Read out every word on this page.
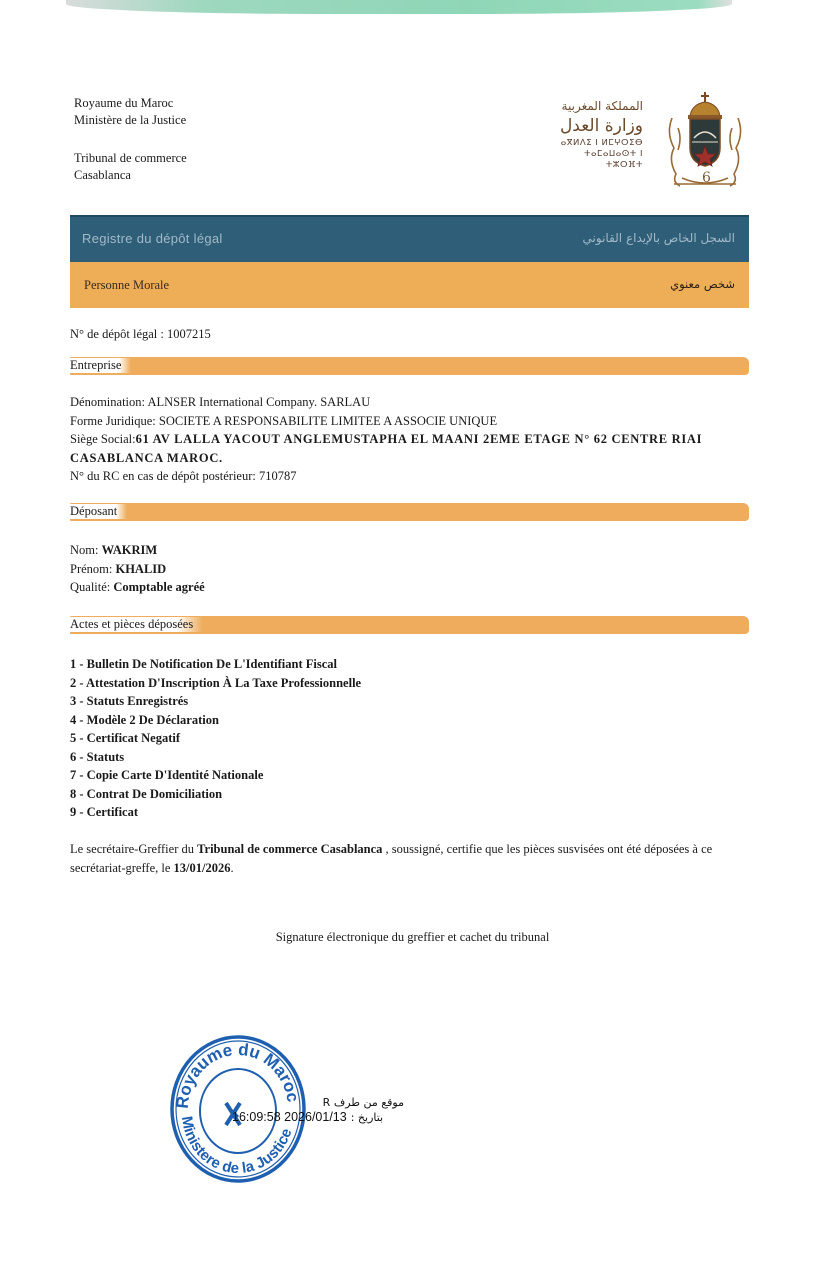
Royaume du Maroc
Ministère de la Justice
Tribunal de commerce
Casablanca
المملكة المغربية
وزارة العدل
ⴰⴳⵍⴷⵉ ⵏ ⵍⵎⵖⵔⵉⴱ
ⵜⴰⵎⴰⵡⴰⵙⵜ ⵏ ⵜⵣⵔⴼⵜ
6
Registre du dépôt légal	السجل الخاص بالإيداع القانوني
Personne Morale	شخص معنوي
N° de dépôt légal : 1007215
Entreprise
Dénomination: ALNSER International Company. SARLAU
Forme Juridique: SOCIETE A RESPONSABILITE LIMITEE A ASSOCIE UNIQUE
Siège Social:61 AV LALLA YACOUT ANGLEMUSTAPHA EL MAANI 2EME ETAGE N° 62 CENTRE RIAI
CASABLANCA MAROC.
N° du RC en cas de dépôt postérieur: 710787
Déposant
Nom: WAKRIM
Prénom: KHALID
Qualité: Comptable agréé
Actes et pièces déposées
1 - Bulletin De Notification De L'Identifiant Fiscal
2 - Attestation D'Inscription À La Taxe Professionnelle
3 - Statuts Enregistrés
4 - Modèle 2 De Déclaration
5 - Certificat Negatif
6 - Statuts
7 - Copie Carte D'Identité Nationale
8 - Contrat De Domiciliation
9 - Certificat
Le secrétaire-Greffier du Tribunal de commerce Casablanca , soussigné, certifie que les pièces susvisées ont été déposées à ce secrétariat-greffe, le 13/01/2026.
Signature électronique du greffier et cachet du tribunal
Royaume du Maroc
Ministere de la Justice
موقع من طرف R
16:09:58 2026/01/13 بتاريخ :
